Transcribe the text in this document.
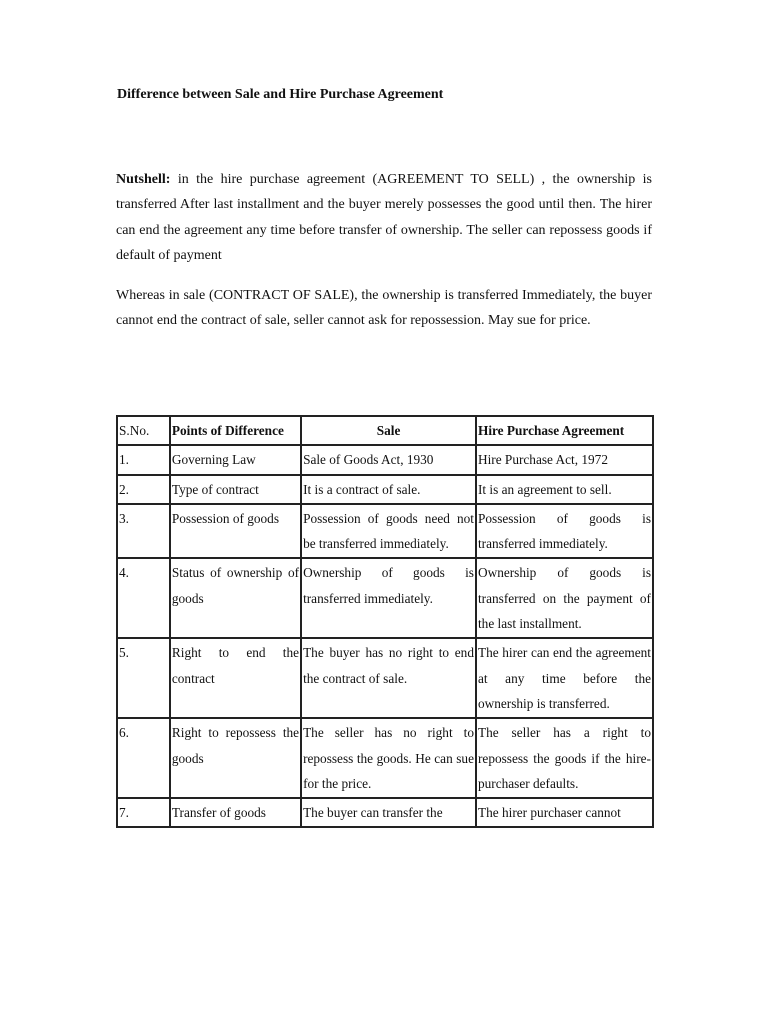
Difference between Sale and Hire Purchase Agreement
Nutshell: in the hire purchase agreement (AGREEMENT TO SELL) , the ownership is transferred After last installment and the buyer merely possesses the good until then. The hirer can end the agreement any time before transfer of ownership. The seller can repossess goods if default of payment
Whereas in sale (CONTRACT OF SALE), the ownership is transferred Immediately, the buyer cannot end the contract of sale, seller cannot ask for repossession. May sue for price.
S.No.	Points of Difference	Sale	Hire Purchase Agreement
1.	Governing Law	Sale of Goods Act, 1930	Hire Purchase Act, 1972
2.	Type of contract	It is a contract of sale.	It is an agreement to sell.
3.	Possession of goods	Possession of goods need not be transferred immediately.	Possession of goods is transferred immediately.
4.	Status of ownership of goods	Ownership of goods is transferred immediately.	Ownership of goods is transferred on the payment of the last installment.
5.	Right to end the contract	The buyer has no right to end the contract of sale.	The hirer can end the agreement at any time before the ownership is transferred.
6.	Right to repossess the goods	The seller has no right to repossess the goods. He can sue for the price.	The seller has a right to repossess the goods if the hire-purchaser defaults.
7.	Transfer of goods	The buyer can transfer the	The hirer purchaser cannot
